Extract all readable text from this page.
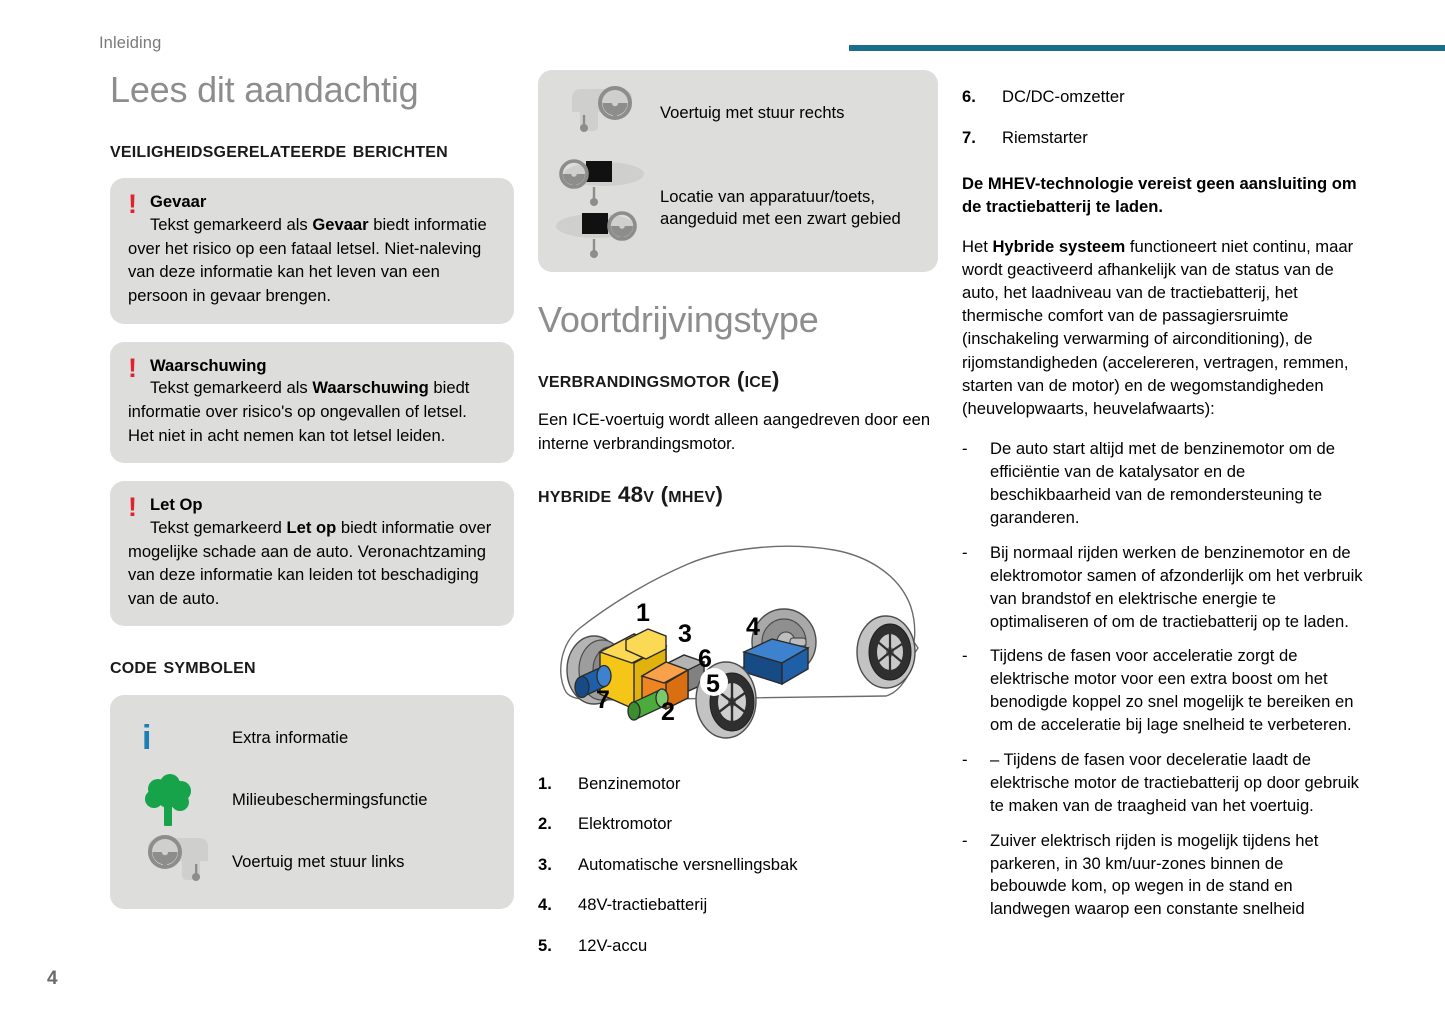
Inleiding
4
Lees dit aandachtig
veiligheidsgerelateerde berichten
! Gevaar
Tekst gemarkeerd als Gevaar biedt informatie over het risico op een fataal letsel. Niet-naleving van deze informatie kan het leven van een persoon in gevaar brengen.

! Waarschuwing
Tekst gemarkeerd als Waarschuwing biedt informatie over risico's op ongevallen of letsel.

Het niet in acht nemen kan tot letsel leiden.

! Let Op
Tekst gemarkeerd Let op biedt informatie over mogelijke schade aan de auto. Veronachtzaming van deze informatie kan leiden tot beschadiging van de auto.

code symbolen
i	Extra informatie
Milieubeschermingsfunctie
Voertuig met stuur links
Voertuig met stuur rechts
Locatie van apparatuur/toets, aangeduid met een zwart gebied
Voortdrijvingstype
verbrandingsmotor (ice)

Een ICE-voertuig wordt alleen aangedreven door een interne verbrandingsmotor.

hybride 48v (mhev)
1
2
3 4
5
6
7
1.	Benzinemotor
2.	Elektromotor
3.	Automatische versnellingsbak
4.	48V-tractiebatterij
5.	12V-accu
6.	DC/DC-omzetter
7.	Riemstarter

De MHEV-technologie vereist geen aansluiting om de tractiebatterij te laden.

Het Hybride systeem functioneert niet continu, maar wordt geactiveerd afhankelijk van de status van de auto, het laadniveau van de tractiebatterij, het thermische comfort van de passagiersruimte (inschakeling verwarming of airconditioning), de rijomstandigheden (accelereren, vertragen, remmen, starten van de motor) en de wegomstandigheden (heuvelopwaarts, heuvelafwaarts):

-	De auto start altijd met de benzinemotor om de efficiëntie van de katalysator en de beschikbaarheid van de remondersteuning te garanderen.
-	Bij normaal rijden werken de benzinemotor en de elektromotor samen of afzonderlijk om het verbruik van brandstof en elektrische energie te optimaliseren of om de tractiebatterij op te laden.
-	Tijdens de fasen voor acceleratie zorgt de elektrische motor voor een extra boost om het benodigde koppel zo snel mogelijk te bereiken en om de acceleratie bij lage snelheid te verbeteren.
-	– Tijdens de fasen voor deceleratie laadt de elektrische motor de tractiebatterij op door gebruik te maken van de traagheid van het voertuig.
-	Zuiver elektrisch rijden is mogelijk tijdens het parkeren, in 30 km/uur-zones binnen de bebouwde kom, op wegen in de stand en landwegen waarop een constante snelheid
